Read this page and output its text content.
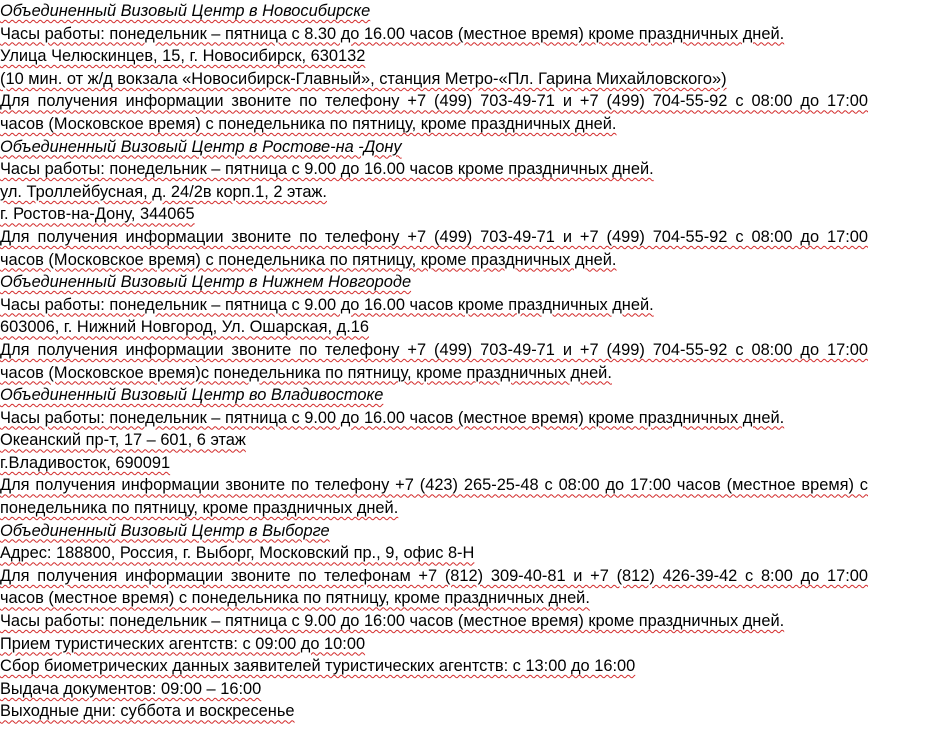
Объединенный Визовый Центр в Новосибирске
Часы работы: понедельник – пятница с 8.30 до 16.00 часов (местное время) кроме праздничных дней.
Улица Челюскинцев, 15, г. Новосибирск, 630132
(10 мин. от ж/д вокзала «Новосибирск-Главный», станция Метро-«Пл. Гарина Михайловского»)
Для получения информации звоните по телефону +7 (499) 703-49-71 и +7 (499) 704-55-92 с 08:00 до 17:00
часов (Московское время) с понедельника по пятницу, кроме праздничных дней.
Объединенный Визовый Центр в Ростове-на -Дону
Часы работы: понедельник – пятница с 9.00 до 16.00 часов кроме праздничных дней.
ул. Троллейбусная, д. 24/2в корп.1, 2 этаж.
г. Ростов-на-Дону, 344065
Для получения информации звоните по телефону +7 (499) 703-49-71 и +7 (499) 704-55-92 с 08:00 до 17:00
часов (Московское время) с понедельника по пятницу, кроме праздничных дней.
Объединенный Визовый Центр в Нижнем Новгороде
Часы работы: понедельник – пятница с 9.00 до 16.00 часов кроме праздничных дней.
603006, г. Нижний Новгород, Ул. Ошарская, д.16
Для получения информации звоните по телефону +7 (499) 703-49-71 и +7 (499) 704-55-92 с 08:00 до 17:00
часов (Московское время)с понедельника по пятницу, кроме праздничных дней.
Объединенный Визовый Центр во Владивостоке
Часы работы: понедельник – пятница с 9.00 до 16.00 часов (местное время) кроме праздничных дней.
Океанский пр-т, 17 – 601, 6 этаж
г.Владивосток, 690091
Для получения информации звоните по телефону +7 (423) 265-25-48 с 08:00 до 17:00 часов (местное время) с
понедельника по пятницу, кроме праздничных дней.
Объединенный Визовый Центр в Выборге
Адрес: 188800, Россия, г. Выборг, Московский пр., 9, офис 8-Н
Для получения информации звоните по телефонам +7 (812) 309-40-81 и +7 (812) 426-39-42 с 8:00 до 17:00
часов (местное время) с понедельника по пятницу, кроме праздничных дней.
Часы работы: понедельник – пятница с 9.00 до 16:00 часов (местное время) кроме праздничных дней.
Прием туристических агентств: с 09:00 до 10:00
Сбор биометрических данных заявителей туристических агентств: с 13:00 до 16:00
Выдача документов: 09:00 – 16:00
Выходные дни: суббота и воскресенье
